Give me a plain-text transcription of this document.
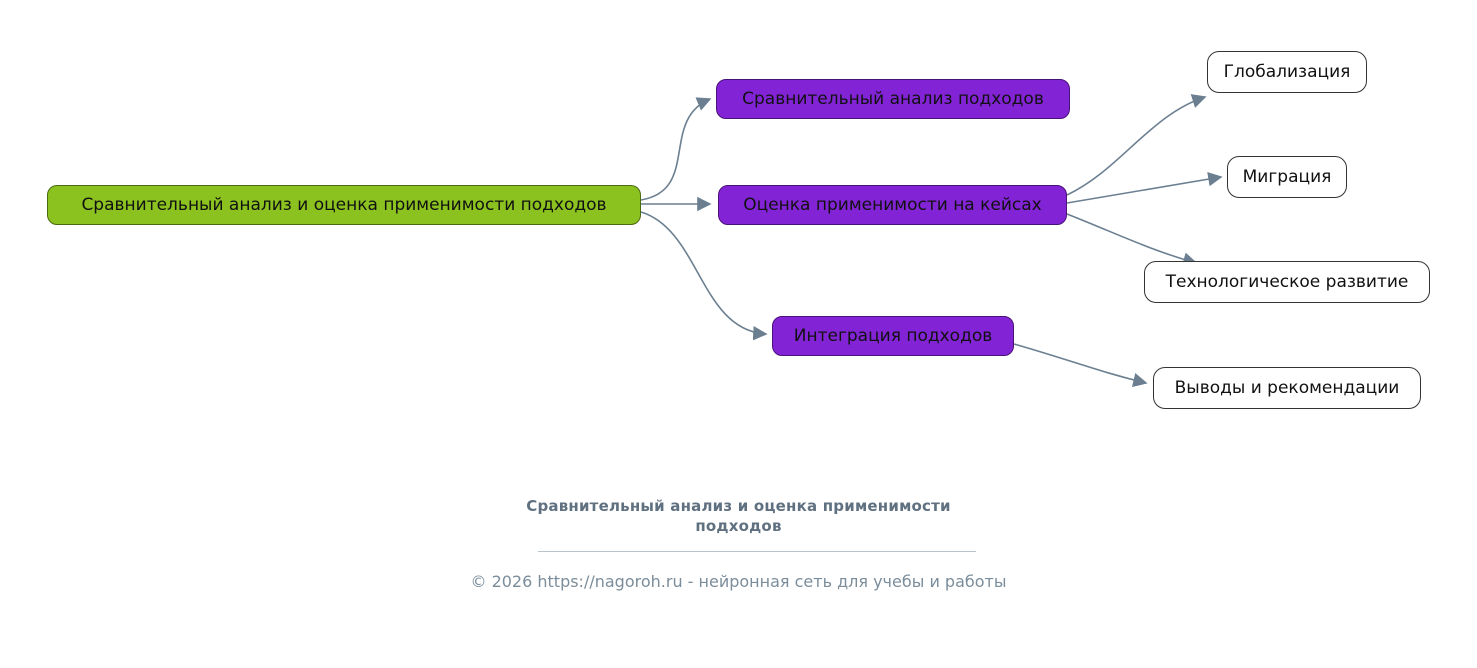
Сравнительный анализ и оценка применимости подходов
Сравнительный анализ подходов
Оценка применимости на кейсах
Интеграция подходов
Глобализация
Миграция
Технологическое развитие
Выводы и рекомендации
Сравнительный анализ и оценка применимости
подходов
© 2026 https://nagoroh.ru - нейронная сеть для учебы и работы
